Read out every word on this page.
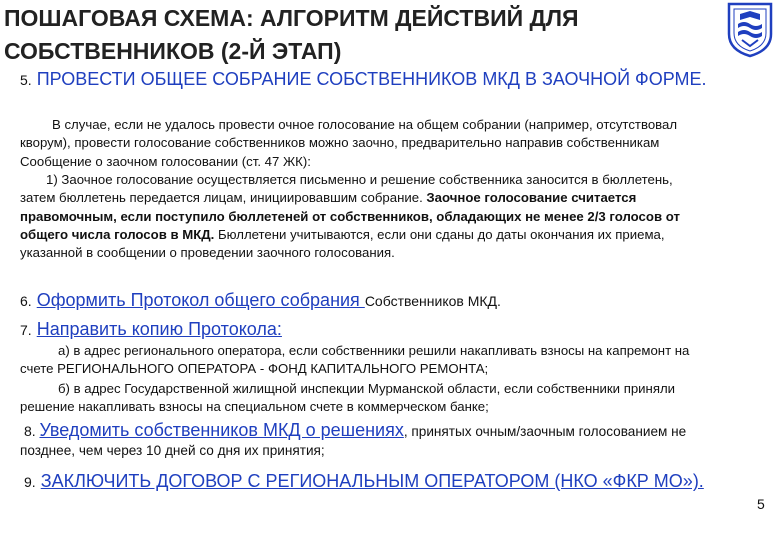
ПОШАГОВАЯ СХЕМА: АЛГОРИТМ ДЕЙСТВИЙ ДЛЯ СОБСТВЕННИКОВ (2-Й ЭТАП)

5. ПРОВЕСТИ ОБЩЕЕ СОБРАНИЕ СОБСТВЕННИКОВ МКД В ЗАОЧНОЙ ФОРМЕ.

В случае, если не удалось провести очное голосование на общем собрании (например, отсутствовал кворум), провести голосование собственников можно заочно, предварительно направив собственникам Сообщение о заочном голосовании (ст. 47 ЖК):

1) Заочное голосование осуществляется письменно и решение собственника заносится в бюллетень, затем бюллетень передается лицам, инициировавшим собрание. Заочное голосование считается правомочным, если поступило бюллетеней от собственников, обладающих не менее 2/3 голосов от общего числа голосов в МКД. Бюллетени учитываются, если они сданы до даты окончания их приема, указанной в сообщении о проведении заочного голосования.

6. Оформить Протокол общего собрания Собственников МКД.

7. Направить копию Протокола:

а) в адрес регионального оператора, если собственники решили накапливать взносы на капремонт на счете РЕГИОНАЛЬНОГО ОПЕРАТОРА - ФОНД КАПИТАЛЬНОГО РЕМОНТА;

б) в адрес Государственной жилищной инспекции Мурманской области, если собственники приняли решение накапливать взносы на специальном счете в коммерческом банке;

8. Уведомить собственников МКД о решениях, принятых очным/заочным голосованием не позднее, чем через 10 дней со дня их принятия;

9. ЗАКЛЮЧИТЬ ДОГОВОР С РЕГИОНАЛЬНЫМ ОПЕРАТОРОМ (НКО «ФКР МО»).

5
